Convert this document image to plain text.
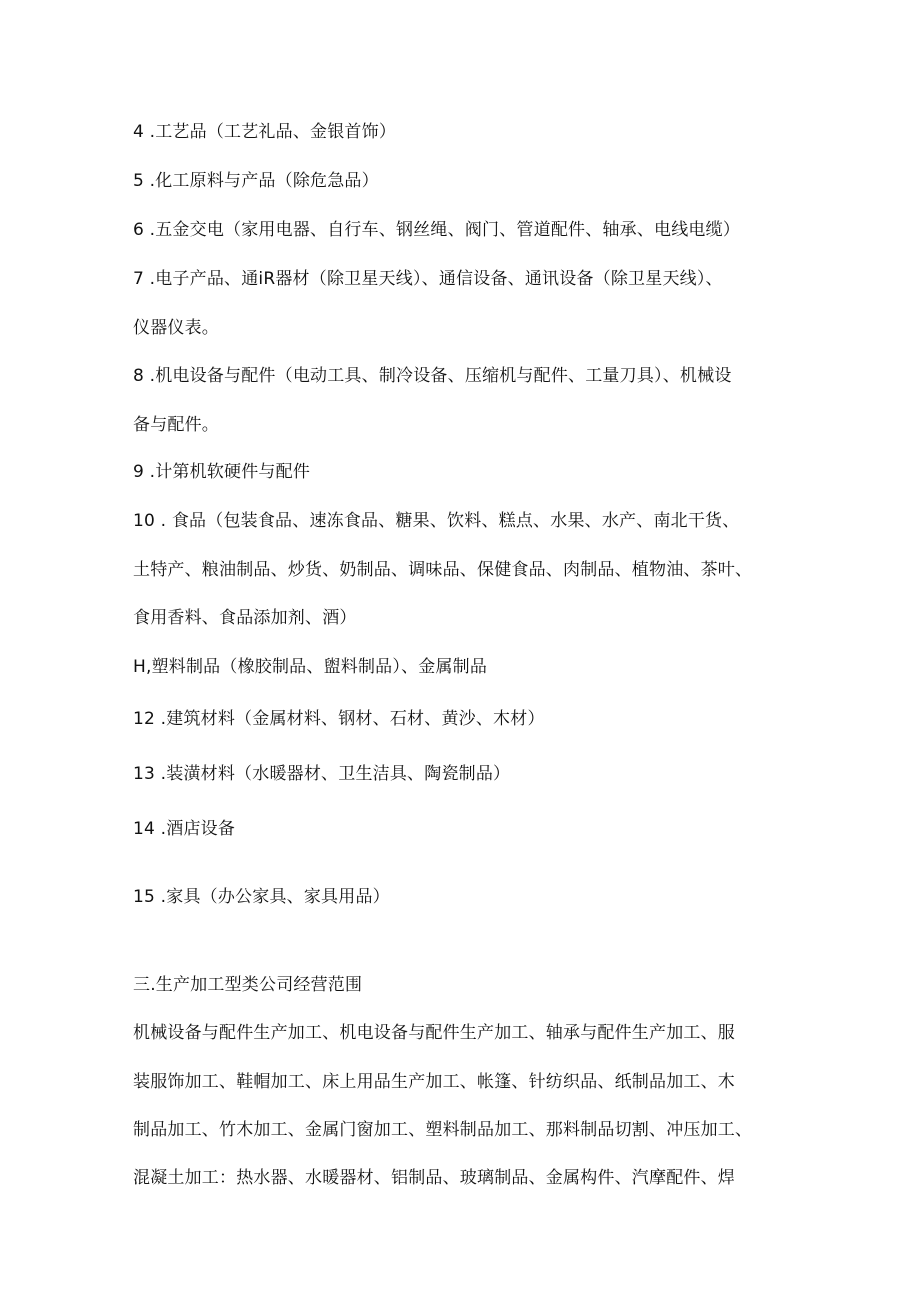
4 .工艺品（工艺礼品、金银首饰）
5 .化工原料与产品（除危急品）
6 .五金交电（家用电器、自行车、钢丝绳、阀门、管道配件、轴承、电线电缆）
7 .电子产品、通iR器材（除卫星天线）、通信设备、通讯设备（除卫星天线）、
仪器仪表。
8 .机电设备与配件（电动工具、制冷设备、压缩机与配件、工量刀具）、机械设
备与配件。
9 .计第机软硬件与配件
10 . 食品（包装食品、速冻食品、糖果、饮料、糕点、水果、水产、南北干货、
土特产、粮油制品、炒货、奶制品、调味品、保健食品、肉制品、植物油、茶叶、
食用香料、食品添加剂、酒）
H,塑料制品（橡胶制品、盥料制品）、金属制品
12 .建筑材料（金属材料、钢材、石材、黄沙、木材）
13 .装潢材料（水暖器材、卫生洁具、陶瓷制品）
14 .酒店设备
15 .家具（办公家具、家具用品）
三.生产加工型类公司经营范围
机械设备与配件生产加工、机电设备与配件生产加工、轴承与配件生产加工、服
装服饰加工、鞋帽加工、床上用品生产加工、帐篷、针纺织品、纸制品加工、木
制品加工、竹木加工、金属门窗加工、塑料制品加工、那料制品切割、冲压加工、
混凝土加工：热水器、水暖器材、铝制品、玻璃制品、金属构件、汽摩配件、焊
